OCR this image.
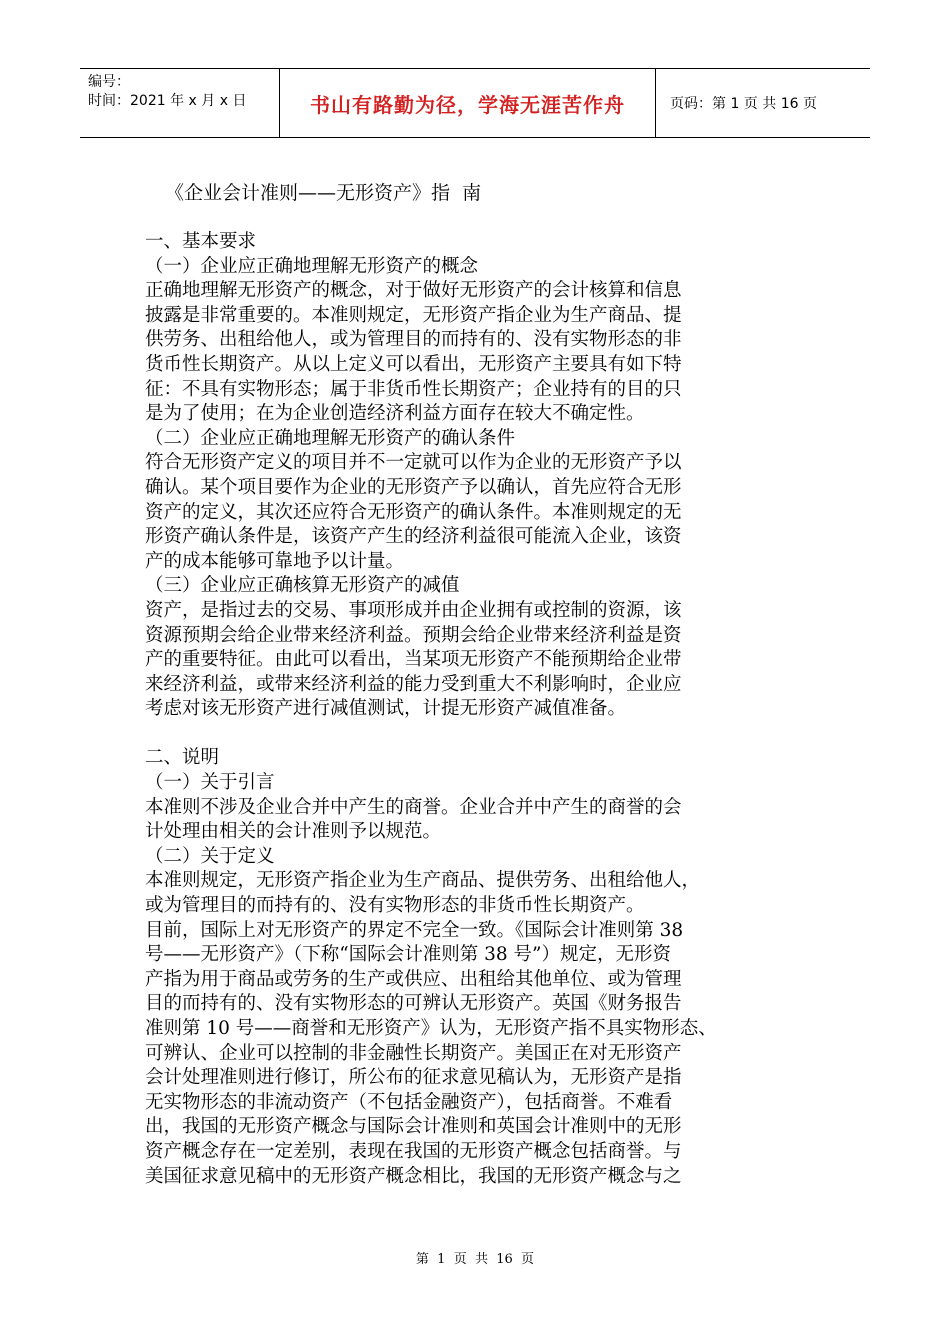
编号：
时间：2021 年 x 月 x 日	书山有路勤为径，学海无涯苦作舟	页码：第 1 页 共 16 页
《企业会计准则——无形资产》指  南
一、基本要求
（一）企业应正确地理解无形资产的概念
正确地理解无形资产的概念，对于做好无形资产的会计核算和信息
披露是非常重要的。本准则规定，无形资产指企业为生产商品、提
供劳务、出租给他人，或为管理目的而持有的、没有实物形态的非
货币性长期资产。从以上定义可以看出，无形资产主要具有如下特
征：不具有实物形态；属于非货币性长期资产；企业持有的目的只
是为了使用；在为企业创造经济利益方面存在较大不确定性。
（二）企业应正确地理解无形资产的确认条件
符合无形资产定义的项目并不一定就可以作为企业的无形资产予以
确认。某个项目要作为企业的无形资产予以确认，首先应符合无形
资产的定义，其次还应符合无形资产的确认条件。本准则规定的无
形资产确认条件是，该资产产生的经济利益很可能流入企业，该资
产的成本能够可靠地予以计量。
（三）企业应正确核算无形资产的减值
资产，是指过去的交易、事项形成并由企业拥有或控制的资源，该
资源预期会给企业带来经济利益。预期会给企业带来经济利益是资
产的重要特征。由此可以看出，当某项无形资产不能预期给企业带
来经济利益，或带来经济利益的能力受到重大不利影响时，企业应
考虑对该无形资产进行减值测试，计提无形资产减值准备。
二、说明
（一）关于引言
本准则不涉及企业合并中产生的商誉。企业合并中产生的商誉的会
计处理由相关的会计准则予以规范。
（二）关于定义
本准则规定，无形资产指企业为生产商品、提供劳务、出租给他人，
或为管理目的而持有的、没有实物形态的非货币性长期资产。
目前，国际上对无形资产的界定不完全一致。《国际会计准则第 38
号——无形资产》（下称“国际会计准则第 38 号”）规定，无形资
产指为用于商品或劳务的生产或供应、出租给其他单位、或为管理
目的而持有的、没有实物形态的可辨认无形资产。英国《财务报告
准则第 10 号——商誉和无形资产》认为，无形资产指不具实物形态、
可辨认、企业可以控制的非金融性长期资产。美国正在对无形资产
会计处理准则进行修订，所公布的征求意见稿认为，无形资产是指
无实物形态的非流动资产（不包括金融资产），包括商誉。不难看
出，我国的无形资产概念与国际会计准则和英国会计准则中的无形
资产概念存在一定差别，表现在我国的无形资产概念包括商誉。与
美国征求意见稿中的无形资产概念相比，我国的无形资产概念与之
第  1  页  共  16  页
